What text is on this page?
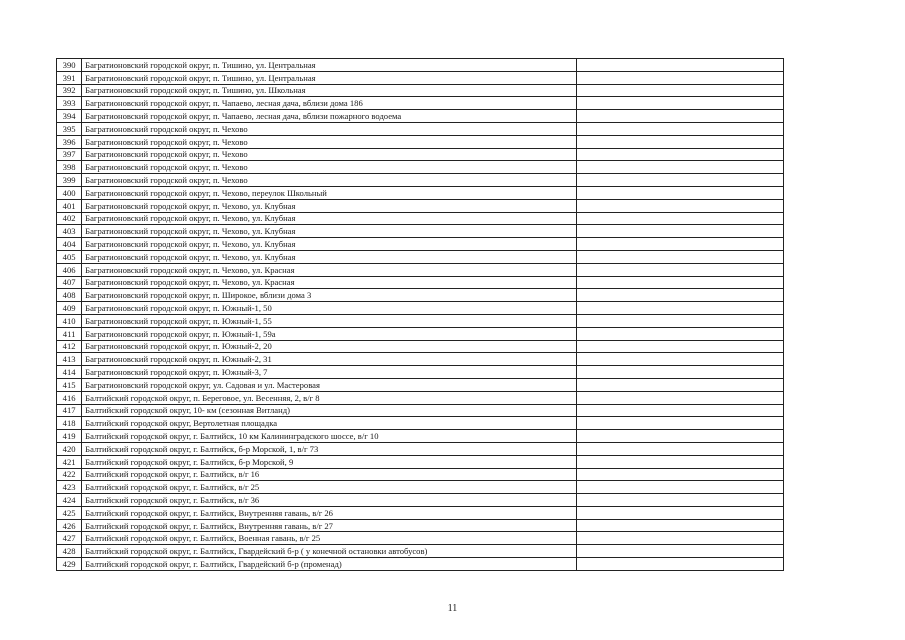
390	Багратионовский городской округ, п. Тишино, ул. Центральная	
391	Багратионовский городской округ, п. Тишино, ул. Центральная	
392	Багратионовский городской округ, п. Тишино, ул. Школьная	
393	Багратионовский городской округ, п. Чапаево, лесная дача, вблизи дома 186	
394	Багратионовский городской округ, п. Чапаево, лесная дача, вблизи пожарного водоема	
395	Багратионовский городской округ, п. Чехово	
396	Багратионовский городской округ, п. Чехово	
397	Багратионовский городской округ, п. Чехово	
398	Багратионовский городской округ, п. Чехово	
399	Багратионовский городской округ, п. Чехово	
400	Багратионовский городской округ, п. Чехово, переулок Школьный	
401	Багратионовский городской округ, п. Чехово, ул. Клубная	
402	Багратионовский городской округ, п. Чехово, ул. Клубная	
403	Багратионовский городской округ, п. Чехово, ул. Клубная	
404	Багратионовский городской округ, п. Чехово, ул. Клубная	
405	Багратионовский городской округ, п. Чехово, ул. Клубная	
406	Багратионовский городской округ, п. Чехово, ул. Красная	
407	Багратионовский городской округ, п. Чехово, ул. Красная	
408	Багратионовский городской округ, п. Широкое, вблизи дома 3	
409	Багратионовский городской округ, п. Южный-1, 50	
410	Багратионовский городской округ, п. Южный-1, 55	
411	Багратионовский городской округ, п. Южный-1, 59а	
412	Багратионовский городской округ, п. Южный-2, 20	
413	Багратионовский городской округ, п. Южный-2, 31	
414	Багратионовский городской округ, п. Южный-3, 7	
415	Багратионовский городской округ, ул. Садовая и ул. Мастеровая	
416	Балтийский городской округ, п. Береговое, ул. Весенняя, 2, в/г 8	
417	Балтийский городской округ, 10- км (сезонная Витланд)	
418	Балтийский городской округ, Вертолетная площадка	
419	Балтийский городской округ, г. Балтийск, 10 км Калининградского шоссе, в/г 10	
420	Балтийский городской округ, г. Балтийск, б-р Морской, 1, в/г 73	
421	Балтийский городской округ, г. Балтийск, б-р Морской, 9	
422	Балтийский городской округ, г. Балтийск, в/г 16	
423	Балтийский городской округ, г. Балтийск, в/г 25	
424	Балтийский городской округ, г. Балтийск, в/г 36	
425	Балтийский городской округ, г. Балтийск, Внутренняя гавань, в/г 26	
426	Балтийский городской округ, г. Балтийск, Внутренняя гавань, в/г 27	
427	Балтийский городской округ, г. Балтийск, Военная гавань, в/г 25	
428	Балтийский городской округ, г. Балтийск, Гвардейский б-р ( у конечной остановки автобусов)	
429	Балтийский городской округ, г. Балтийск, Гвардейский б-р (променад)	
11
